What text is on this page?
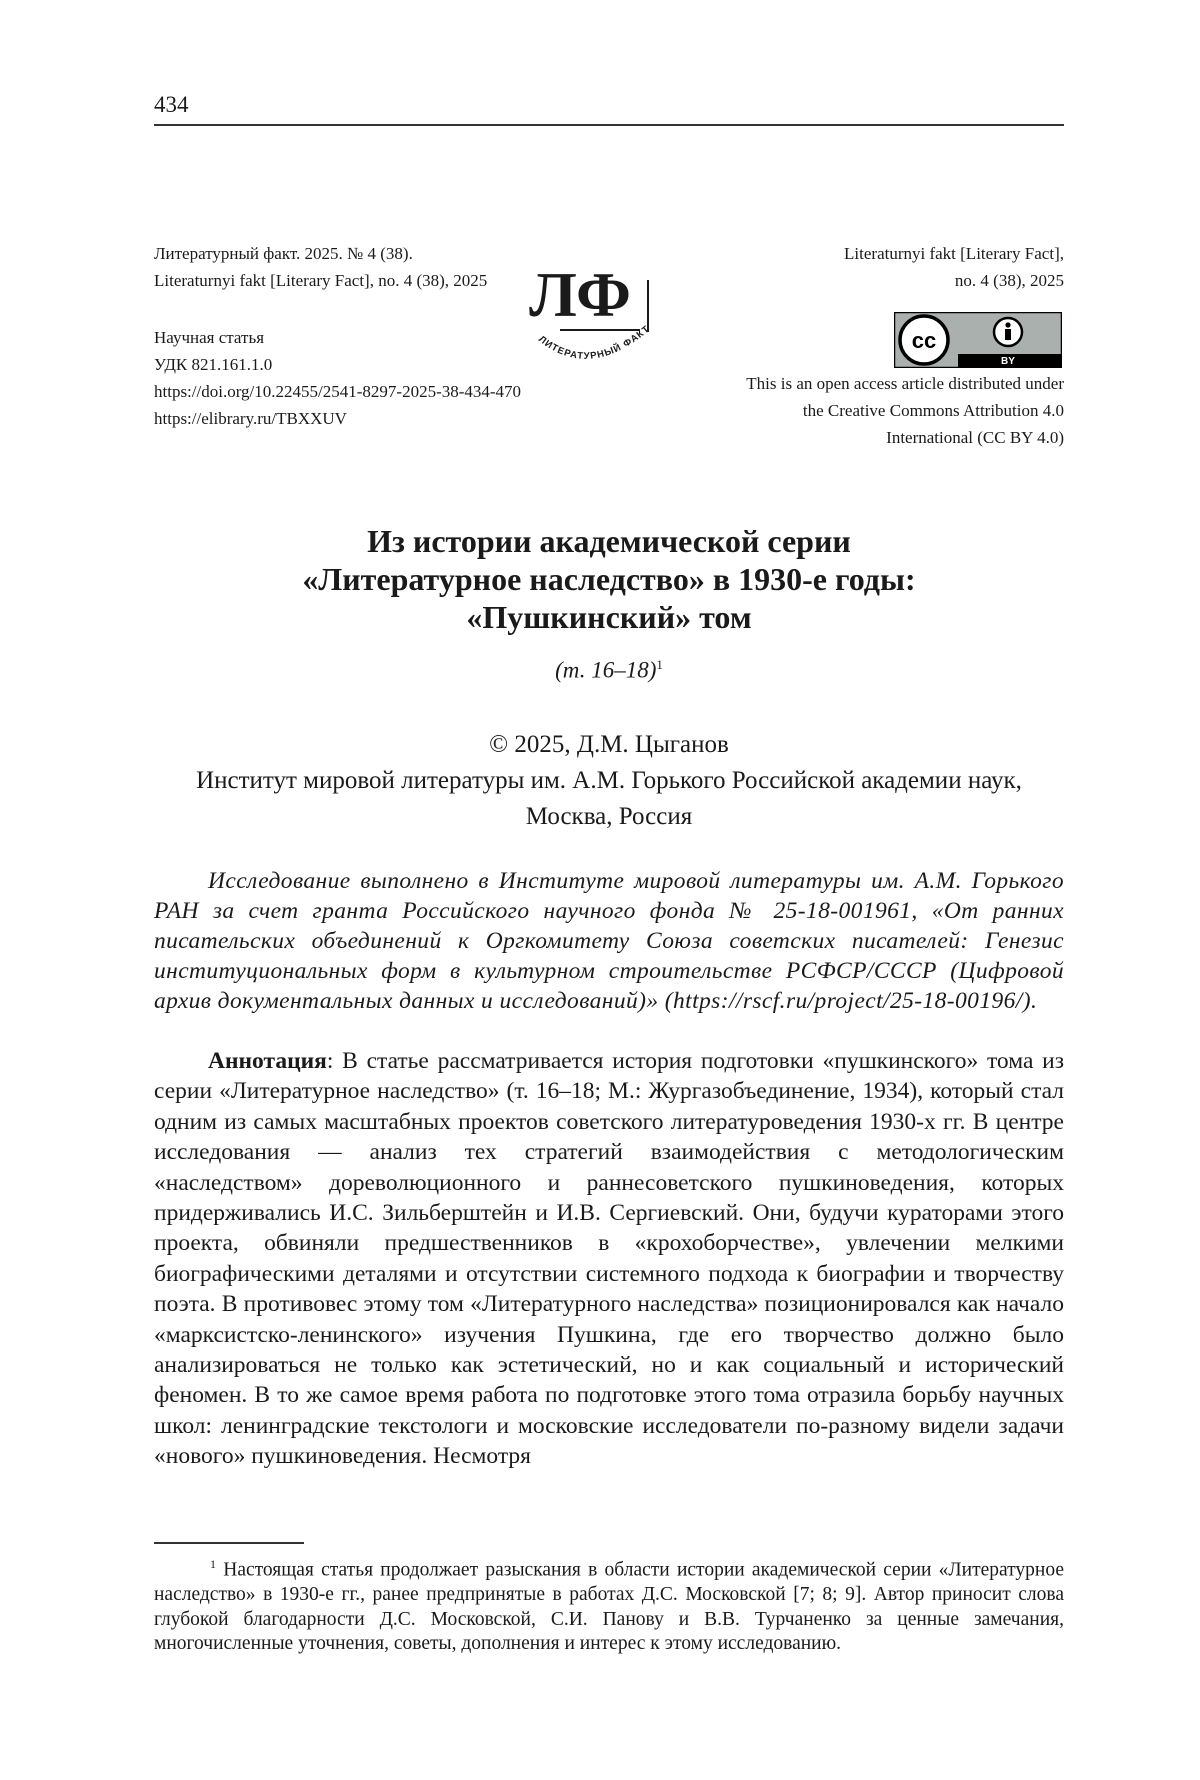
434
Литературный факт. 2025. № 4 (38).
Literaturnyi fakt [Literary Fact], no. 4 (38), 2025
Научная статья
УДК 821.161.1.0
https://doi.org/10.22455/2541-8297-2025-38-434-470
https://elibrary.ru/TBXXUV
ЛФ
ЛИТЕРАТУРНЫЙ ФАКТ
Literaturnyi fakt [Literary Fact],
no. 4 (38), 2025
cc
BY
This is an open access article distributed under
the Creative Commons Attribution 4.0
International (CC BY 4.0)
Из истории академической серии
«Литературное наследство» в 1930-е годы:
«Пушкинский» том
(т. 16–18)$^1$
© 2025, Д.М. Цыганов
Институт мировой литературы им. А.М. Горького Российской академии наук,
Москва, Россия
Исследование выполнено в Институте мировой литературы им. А.М. Горького РАН за счет гранта Российского научного фонда № 25-18-001961, «От ранних писательских объединений к Оргкомитету Союза советских писателей: Генезис институциональных форм в культурном строительстве РСФСР/СССР (Цифровой архив документальных данных и исследований)» (https://rscf.ru/project/25-18-00196/).
Аннотация: В статье рассматривается история подготовки «пушкинского» тома из серии «Литературное наследство» (т. 16–18; М.: Жургазобъединение, 1934), который стал одним из самых масштабных проектов советского литературоведения 1930-х гг. В центре исследования — анализ тех стратегий взаимодействия с методологическим «наследством» дореволюционного и раннесоветского пушкиноведения, которых придерживались И.С. Зильберштейн и И.В. Сергиевский. Они, будучи кураторами этого проекта, обвиняли предшественников в «крохоборчестве», увлечении мелкими биографическими деталями и отсутствии системного подхода к биографии и творчеству поэта. В противовес этому том «Литературного наследства» позиционировался как начало «марксистско-ленинского» изучения Пушкина, где его творчество должно было анализироваться не только как эстетический, но и как социальный и исторический феномен. В то же самое время работа по подготовке этого тома отразила борьбу научных школ: ленинградские текстологи и московские исследователи по-разному видели задачи «нового» пушкиноведения. Несмотря
$^1$ Настоящая статья продолжает разыскания в области истории академической серии «Литературное наследство» в 1930-е гг., ранее предпринятые в работах Д.С. Московской [7; 8; 9]. Автор приносит слова глубокой благодарности Д.С. Московской, С.И. Панову и В.В. Турчаненко за ценные замечания, многочисленные уточнения, советы, дополнения и интерес к этому исследованию.
